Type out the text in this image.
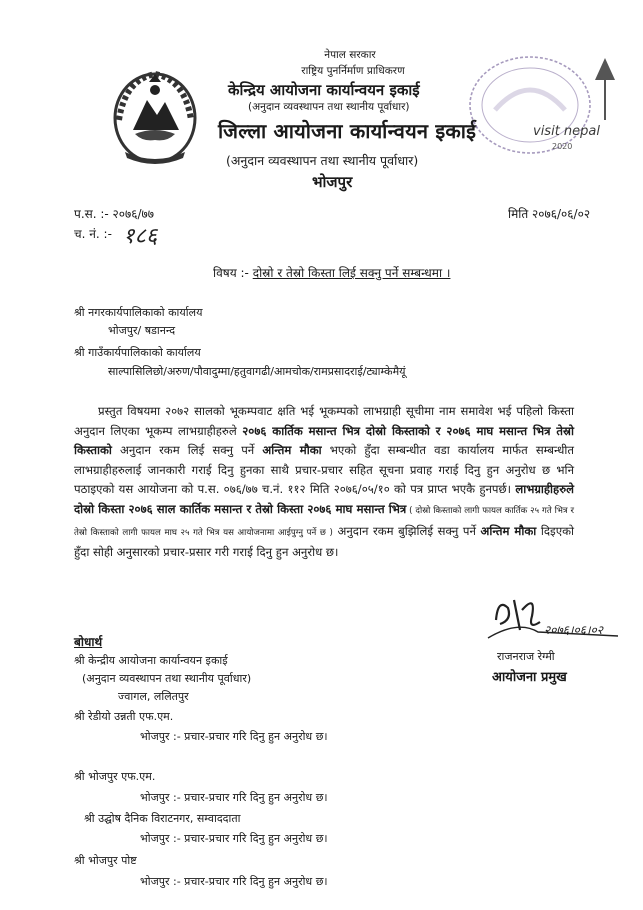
नेपाल सरकार
राष्ट्रिय पुनर्निर्माण प्राधिकरण
केन्द्रिय आयोजना कार्यान्वयन इकाई
(अनुदान व्यवस्थापन तथा स्थानीय पूर्वाधार)
जिल्ला आयोजना कार्यान्वयन इकाई
(अनुदान व्यवस्थापन तथा स्थानीय पूर्वाधार)
भोजपुर
visit nepal
2020
प.स. :- २०७६/७७	मिति २०७६/०६/०२
च. नं. :- १८६
विषय :- दोस्रो र तेस्रो किस्ता लिई सक्नु पर्ने सम्बन्धमा ।
श्री नगरकार्यपालिकाको कार्यालय
भोजपुर/ षडानन्द
श्री गाउँकार्यपालिकाको कार्यालय
साल्पासिलिछो/अरुण/पौवादुम्मा/हतुवागढी/आमचोक/रामप्रसादराई/ट्याम्केमैयूं
प्रस्तुत विषयमा २०७२ सालको भूकम्पवाट क्षति भई भूकम्पको लाभग्राही सूचीमा नाम समावेश भई पहिलो किस्ता अनुदान लिएका भूकम्प लाभग्राहीहरुले २०७६ कार्तिक मसान्त भित्र दोस्रो किस्ताको र २०७६ माघ मसान्त भित्र तेस्रो किस्ताको अनुदान रकम लिई सक्नु पर्ने अन्तिम मौका भएको हुँदा सम्बन्धीत वडा कार्यालय मार्फत सम्बन्धीत लाभग्राहीहरुलाई जानकारी गराई दिनु हुनका साथै प्रचार-प्रचार सहित सूचना प्रवाह गराई दिनु हुन अनुरोध छ भनि पठाइएको यस आयोजना को प.स. ०७६/७७ च.नं. ११२ मिति २०७६/०५/१० को पत्र प्राप्त भएकै हुनपर्छ। लाभग्राहीहरुले दोस्रो किस्ता २०७६ साल कार्तिक मसान्त र तेस्रो किस्ता २०७६ माघ मसान्त भित्र ( दोस्रो किस्ताको लागी फायल कार्तिक २५ गते भित्र र तेस्रो किस्ताको लागी फायल माघ २५ गते भित्र यस आयोजनामा आईपुग्नु पर्ने छ ) अनुदान रकम बुझिलिई सक्नु पर्ने अन्तिम मौका दिइएको हुँदा सोही अनुसारको प्रचार-प्रसार गरी गराई दिनु हुन अनुरोध छ।
२०७६।०६।०२
राजनराज रेग्मी
आयोजना प्रमुख
बोधार्थ
श्री केन्द्रीय आयोजना कार्यान्वयन इकाई
(अनुदान व्यवस्थापन तथा स्थानीय पूर्वाधार)
ज्वागल, ललितपुर
श्री रेडीयो उन्नती एफ.एम.
भोजपुर :- प्रचार-प्रचार गरि दिनु हुन अनुरोध छ।
श्री भोजपुर एफ.एम.
भोजपुर :- प्रचार-प्रचार गरि दिनु हुन अनुरोध छ।
श्री उद्घोष दैनिक विराटनगर, सम्वाददाता
भोजपुर :- प्रचार-प्रचार गरि दिनु हुन अनुरोध छ।
श्री भोजपुर पोष्ट
भोजपुर :- प्रचार-प्रचार गरि दिनु हुन अनुरोध छ।
